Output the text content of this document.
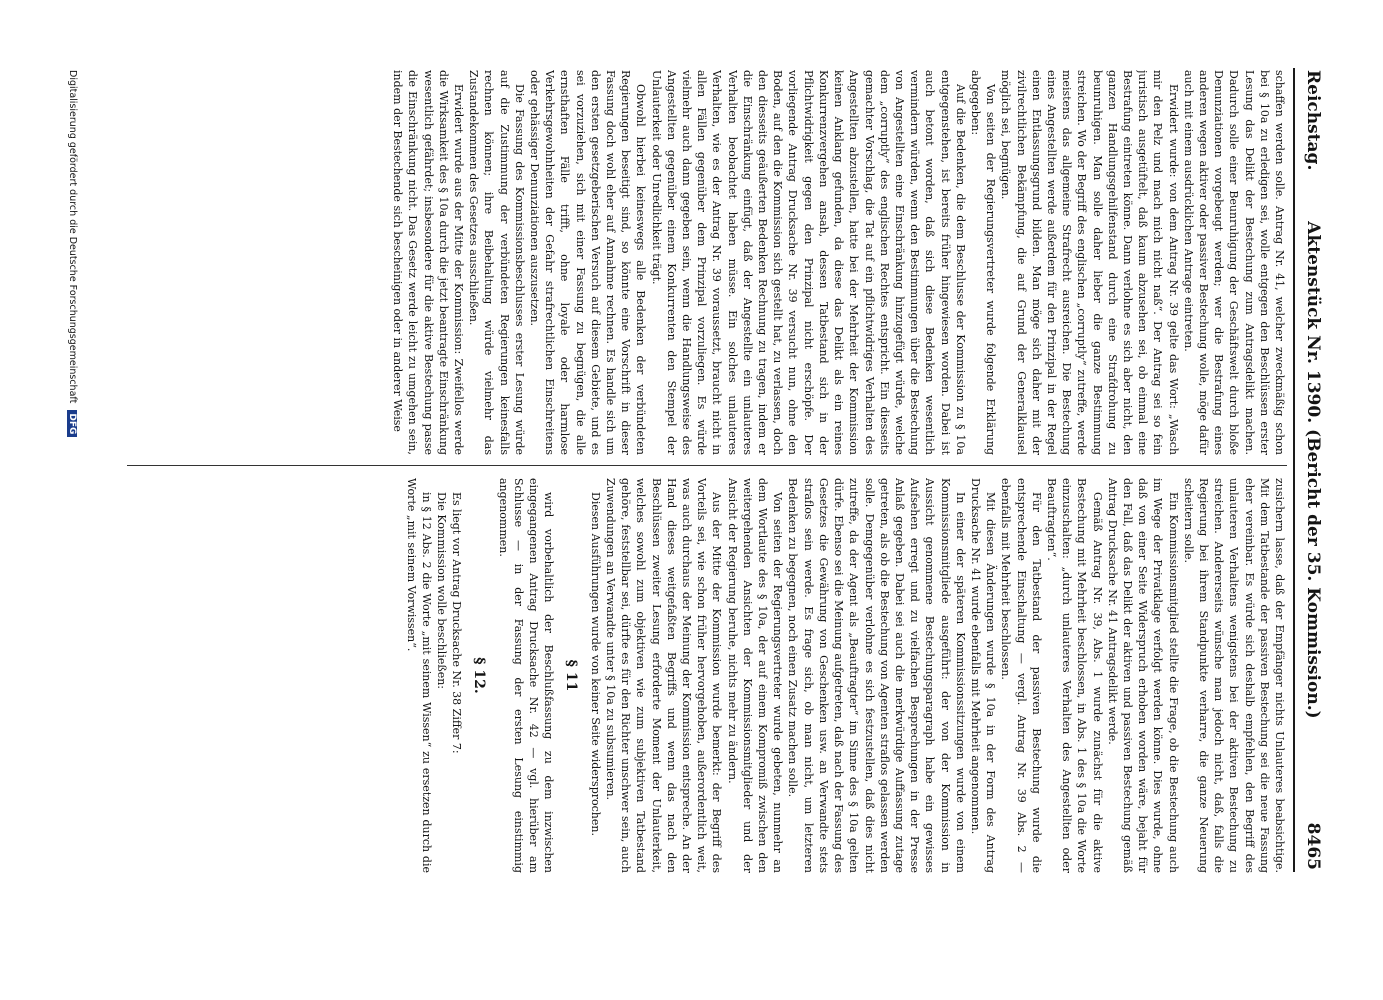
Reichstag.
Aktenstück Nr. 1390. (Bericht der 35. Kommission.)
8465

schaffen werden solle. Antrag Nr. 41, welcher zweckmäßig schon bei § 10a zu erledigen sei, wolle entgegen den Beschlüssen erster Lesung das Delikt der Bestechung zum Antragsdelikt machen. Dadurch solle einer Beunruhigung der Geschäftswelt durch bloße Denunziationen vorgebeugt werden; wer die Bestrafung eines anderen wegen aktiver oder passiver Bestechung wolle, möge dafür auch mit einem ausdrücklichen Antrage eintreten.

Erwidert wurde: von dem Antrag Nr. 39 gelte das Wort: „Wasch mir den Pelz und mach mich nicht naß“. Der Antrag sei so fein juristisch ausgetüftelt, daß kaum abzusehen sei, ob einmal eine Bestrafung eintreten könne. Dann verlohne es sich aber nicht, den ganzen Handlungsgehilfenstand durch eine Strafdrohung zu beunruhigen. Man solle daher lieber die ganze Bestimmung streichen. Wo der Begriff des englischen „corruptly“ zutreffe, werde meistens das allgemeine Strafrecht ausreichen. Die Bestechung eines Angestellten werde außerdem für den Prinzipal in der Regel einen Entlassungsgrund bilden. Man möge sich daher mit der zivilrechtlichen Bekämpfung, die auf Grund der Generalklausel möglich sei, begnügen.

Von seiten der Regierungsvertreter wurde folgende Erklärung abgegeben:

Auf die Bedenken, die dem Beschlusse der Kommission zu § 10a entgegenstehen, ist bereits früher hingewiesen worden. Dabei ist auch betont worden, daß sich diese Bedenken wesentlich vermindern würden, wenn den Bestimmungen über die Bestechung von Angestellten eine Einschränkung hinzugefügt würde, welche dem „corruptly“ des englischen Rechtes entspricht. Ein diesseits gemachter Vorschlag, die Tat auf ein pflichtwidriges Verhalten des Angestellten abzustellen, hatte bei der Mehrheit der Kommission keinen Anklang gefunden, da diese das Delikt als ein reines Konkurrenzvergehen ansah, dessen Tatbestand sich in der Pflichtwidrigkeit gegen den Prinzipal nicht erschöpfe. Der vorliegende Antrag Drucksache Nr. 39 versucht nun, ohne den Boden, auf den die Kommission sich gestellt hat, zu verlassen, doch den diesseits geäußerten Bedenken Rechnung zu tragen, indem er die Einschränkung einfügt, daß der Angestellte ein unlauteres Verhalten beobachtet haben müsse. Ein solches unlauteres Verhalten, wie es der Antrag Nr. 39 voraussetzt, braucht nicht in allen Fällen gegenüber dem Prinzipal vorzuliegen. Es würde vielmehr auch dann gegeben sein, wenn die Handlungsweise des Angestellten gegenüber einem Konkurrenten den Stempel der Unlauterkeit oder Unredlichkeit trägt.

Obwohl hierbei keineswegs alle Bedenken der verbündeten Regierungen beseitigt sind, so könnte eine Vorschrift in dieser Fassung doch wohl eher auf Annahme rechnen. Es handle sich um den ersten gesetzgeberischen Versuch auf diesem Gebiete, und es sei vorzuziehen, sich mit einer Fassung zu begnügen, die alle ernsthaften Fälle trifft, ohne loyale oder harmlose Verkehrsgewohnheiten der Gefahr strafrechtlichen Einschreitens oder gehässiger Denunziationen auszusetzen.

Die Fassung des Kommissionsbeschlusses erster Lesung würde auf die Zustimmung der verbündeten Regierungen keinesfalls rechnen können; ihre Beibehaltung würde vielmehr das Zustandekommen des Gesetzes ausschließen.

Erwidert wurde aus der Mitte der Kommission: Zweifellos werde die Wirksamkeit des § 10a durch die jetzt beantragte Einschränkung wesentlich gefährdet; insbesondere für die aktive Bestechung passe die Einschränkung nicht. Das Gesetz werde leicht zu umgehen sein, indem der Bestechende sich bescheinigen oder in anderer Weise

zusichern lasse, daß der Empfänger nichts Unlauteres beabsichtige. Mit dem Tatbestande der passiven Bestechung sei die neue Fassung eher vereinbar. Es würde sich deshalb empfehlen, den Begriff des unlauteren Verhaltens wenigstens bei der aktiven Bestechung zu streichen. Andererseits wünsche man jedoch nicht, daß, falls die Regierung bei ihrem Standpunkte verharre, die ganze Neuerung scheitern solle.

Ein Kommissionsmitglied stellte die Frage, ob die Bestechung auch im Wege der Privatklage verfolgt werden könne. Dies wurde, ohne daß von einer Seite Widerspruch erhoben worden wäre, bejaht für den Fall, daß das Delikt der aktiven und passiven Bestechung gemäß Antrag Drucksache Nr. 41 Antragsdelikt werde.

Gemäß Antrag Nr. 39, Abs. 1 wurde zunächst für die aktive Bestechung mit Mehrheit beschlossen, in Abs. 1 des § 10a die Worte einzuschalten: „durch unlauteres Verhalten des Angestellten oder Beauftragten“.

Für den Tatbestand der passiven Bestechung wurde die entsprechende Einschaltung — vergl. Antrag Nr. 39 Abs. 2 — ebenfalls mit Mehrheit beschlossen.

Mit diesen Änderungen wurde § 10a in der Form des Antrag Drucksache Nr. 41 wurde ebenfalls mit Mehrheit angenommen.

In einer der späteren Kommissionssitzungen wurde von einem Kommissionsmitgliede ausgeführt: der von der Kommission in Aussicht genommene Bestechungsparagraph habe ein gewisses Aufsehen erregt und zu vielfachen Besprechungen in der Presse Anlaß gegeben. Dabei sei auch die merkwürdige Auffassung zutage getreten, als ob die Bestechung von Agenten straflos gelassen werden solle. Demgegenüber verlohne es sich festzustellen, daß dies nicht zutreffe, da der Agent als „Beauftragter“ im Sinne des § 10a gelten dürfe. Ebenso sei die Meinung aufgetreten, daß nach der Fassung des Gesetzes die Gewährung von Geschenken usw. an Verwandte stets straflos sein werde. Es frage sich, ob man nicht, um letzteren Bedenken zu begegnen, noch einen Zusatz machen solle.

Von seiten der Regierungsvertreter wurde gebeten, nunmehr an dem Wortlaute des § 10a, der auf einem Kompromiß zwischen den weitergehenden Ansichten der Kommissionsmitglieder und der Ansicht der Regierung beruhe, nichts mehr zu ändern.

Aus der Mitte der Kommission wurde bemerkt: der Begriff des Vorteils sei, wie schon früher hervorgehoben, außerordentlich weit, was auch durchaus der Meinung der Kommission entspreche. An der Hand dieses weitgefaßten Begriffs und wenn das nach den Beschlüssen zweiter Lesung erforderte Moment der Unlauterkeit, welches sowohl zum objektiven wie zum subjektiven Tatbestand gehöre, feststellbar sei, dürfte es für den Richter unschwer sein, auch Zuwendungen an Verwandte unter § 10a zu subsumieren.

Diesen Ausführungen wurde von keiner Seite widersprochen.

§ 11

wird vorbehaltlich der Beschlußfassung zu dem inzwischen eingegangenen Antrag Drucksache Nr. 42 — vgl. hierüber am Schlusse — in der Fassung der ersten Lesung einstimmig angenommen.

§ 12.

Es liegt vor Antrag Drucksache Nr. 38 Ziffer 7:

Die Kommission wolle beschließen:

in § 12 Abs. 2 die Worte „mit seinem Wissen“ zu ersetzen durch die Worte „mit seinem Vorwissen“.

Digitalisierung gefördert durch die Deutsche Forschungsgemeinschaft DFG
